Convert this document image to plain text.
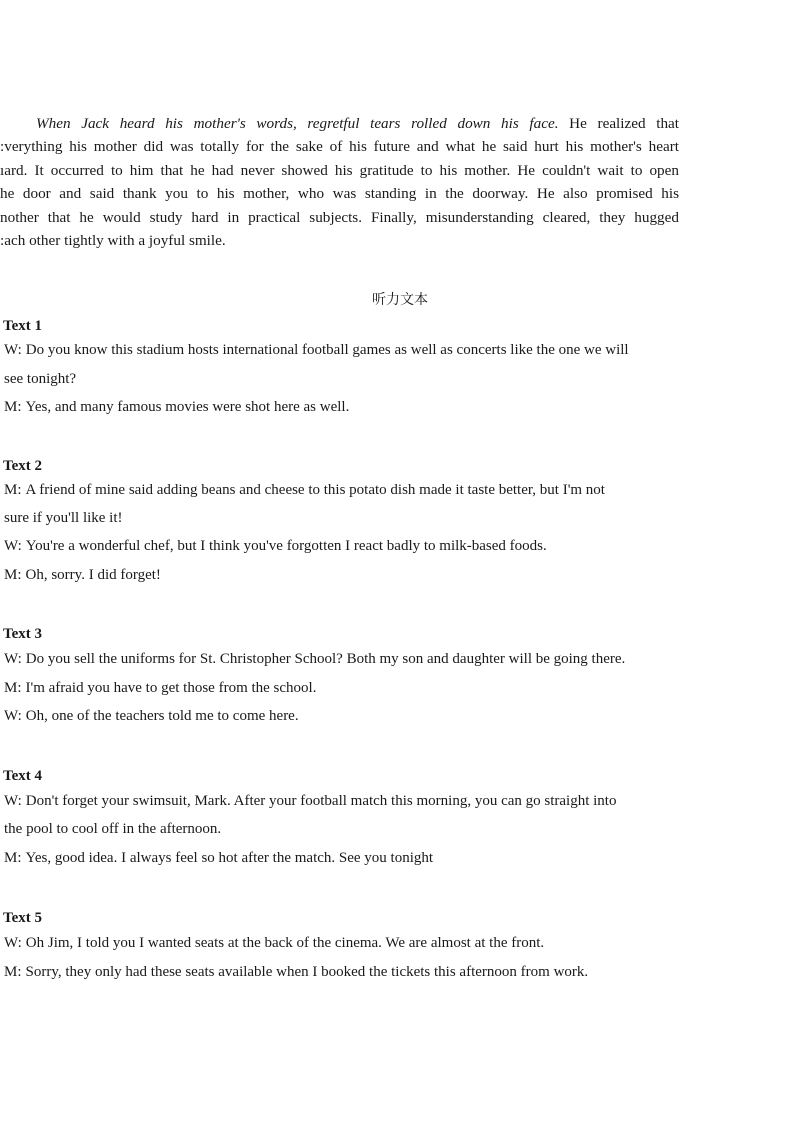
When Jack heard his mother's words, regretful tears rolled down his face. He realized that
:verything his mother did was totally for the sake of his future and what he said hurt his mother's heart
ıard. It occurred to him that he had never showed his gratitude to his mother. He couldn't wait to open
he door and said thank you to his mother, who was standing in the doorway. He also promised his
nother that he would study hard in practical subjects. Finally, misunderstanding cleared, they hugged
:ach other tightly with a joyful smile.
听力文本
Text 1
W: Do you know this stadium hosts international football games as well as concerts like the one we will
see tonight?
M: Yes, and many famous movies were shot here as well.
Text 2
M: A friend of mine said adding beans and cheese to this potato dish made it taste better, but I'm not
sure if you'll like it!
W: You're a wonderful chef, but I think you've forgotten I react badly to milk-based foods.
M: Oh, sorry. I did forget!
Text 3
W: Do you sell the uniforms for St. Christopher School? Both my son and daughter will be going there.
M: I'm afraid you have to get those from the school.
W: Oh, one of the teachers told me to come here.
Text 4
W: Don't forget your swimsuit, Mark. After your football match this morning, you can go straight into
the pool to cool off in the afternoon.
M: Yes, good idea. I always feel so hot after the match. See you tonight
Text 5
W: Oh Jim, I told you I wanted seats at the back of the cinema. We are almost at the front.
M: Sorry, they only had these seats available when I booked the tickets this afternoon from work.
